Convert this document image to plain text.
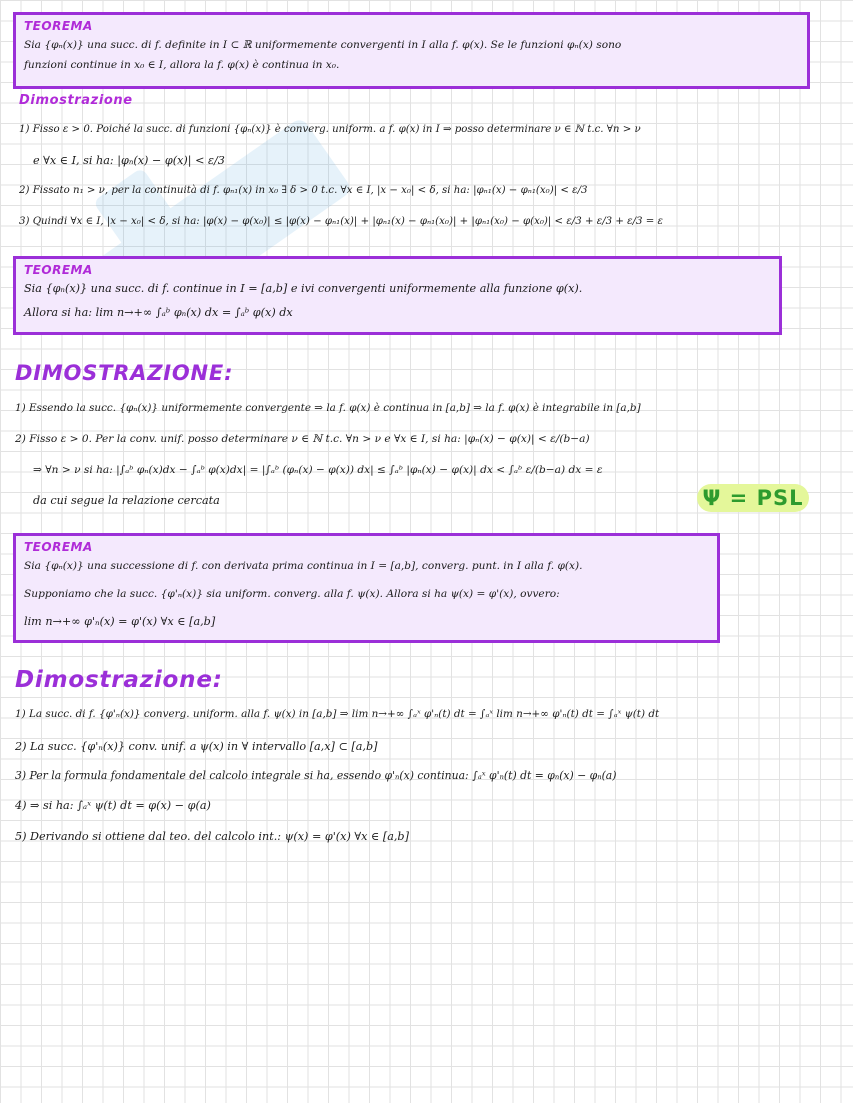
TEOREMA
Sia {φₙ(x)} una succ. di f. definite in I ⊂ ℝ uniformemente convergenti in I alla f. φ(x). Se le funzioni φₙ(x) sono
funzioni continue in x₀ ∈ I, allora la f. φ(x) è continua in x₀.
Dimostrazione
1) Fisso ε > 0. Poiché la succ. di funzioni {φₙ(x)} è converg. uniform. a f. φ(x) in I ⇒ posso determinare ν ∈ ℕ t.c. ∀n > ν
e ∀x ∈ I, si ha: |φₙ(x) − φ(x)| < ε/3
2) Fissato n₁ > ν, per la continuità di f. φₙ₁(x) in x₀ ∃ δ > 0 t.c. ∀x ∈ I, |x − x₀| < δ, si ha: |φₙ₁(x) − φₙ₁(x₀)| < ε/3
3) Quindi ∀x ∈ I, |x − x₀| < δ, si ha: |φ(x) − φ(x₀)| ≤ |φ(x) − φₙ₁(x)| + |φₙ₁(x) − φₙ₁(x₀)| + |φₙ₁(x₀) − φ(x₀)| < ε/3 + ε/3 + ε/3 = ε
TEOREMA
Sia {φₙ(x)} una succ. di f. continue in I = [a,b] e ivi convergenti uniformemente alla funzione φ(x).
Allora si ha: lim n→+∞ ∫ₐᵇ φₙ(x) dx = ∫ₐᵇ φ(x) dx
DIMOSTRAZIONE:
1) Essendo la succ. {φₙ(x)} uniformemente convergente ⇒ la f. φ(x) è continua in [a,b] ⇒ la f. φ(x) è integrabile in [a,b]
2) Fisso ε > 0. Per la conv. unif. posso determinare ν ∈ ℕ t.c. ∀n > ν e ∀x ∈ I, si ha: |φₙ(x) − φ(x)| < ε/(b−a)
⇒ ∀n > ν si ha: |∫ₐᵇ φₙ(x)dx − ∫ₐᵇ φ(x)dx| = |∫ₐᵇ (φₙ(x) − φ(x)) dx| ≤ ∫ₐᵇ |φₙ(x) − φ(x)| dx < ∫ₐᵇ ε/(b−a) dx = ε
da cui segue la relazione cercata	Ψ = PSL
TEOREMA
Sia {φₙ(x)} una successione di f. con derivata prima continua in I = [a,b], converg. punt. in I alla f. φ(x).
Supponiamo che la succ. {φ'ₙ(x)} sia uniform. converg. alla f. ψ(x). Allora si ha ψ(x) = φ'(x), ovvero:
lim n→+∞ φ'ₙ(x) = φ'(x) ∀x ∈ [a,b]
Dimostrazione:
1) La succ. di f. {φ'ₙ(x)} converg. uniform. alla f. ψ(x) in [a,b] ⇒ lim n→+∞ ∫ₐˣ φ'ₙ(t) dt = ∫ₐˣ lim n→+∞ φ'ₙ(t) dt = ∫ₐˣ ψ(t) dt
2) La succ. {φ'ₙ(x)} conv. unif. a ψ(x) in ∀ intervallo [a,x] ⊂ [a,b]
3) Per la formula fondamentale del calcolo integrale si ha, essendo φ'ₙ(x) continua: ∫ₐˣ φ'ₙ(t) dt = φₙ(x) − φₙ(a)
4) ⇒ si ha: ∫ₐˣ ψ(t) dt = φ(x) − φ(a)
5) Derivando si ottiene dal teo. del calcolo int.: ψ(x) = φ'(x) ∀x ∈ [a,b]
